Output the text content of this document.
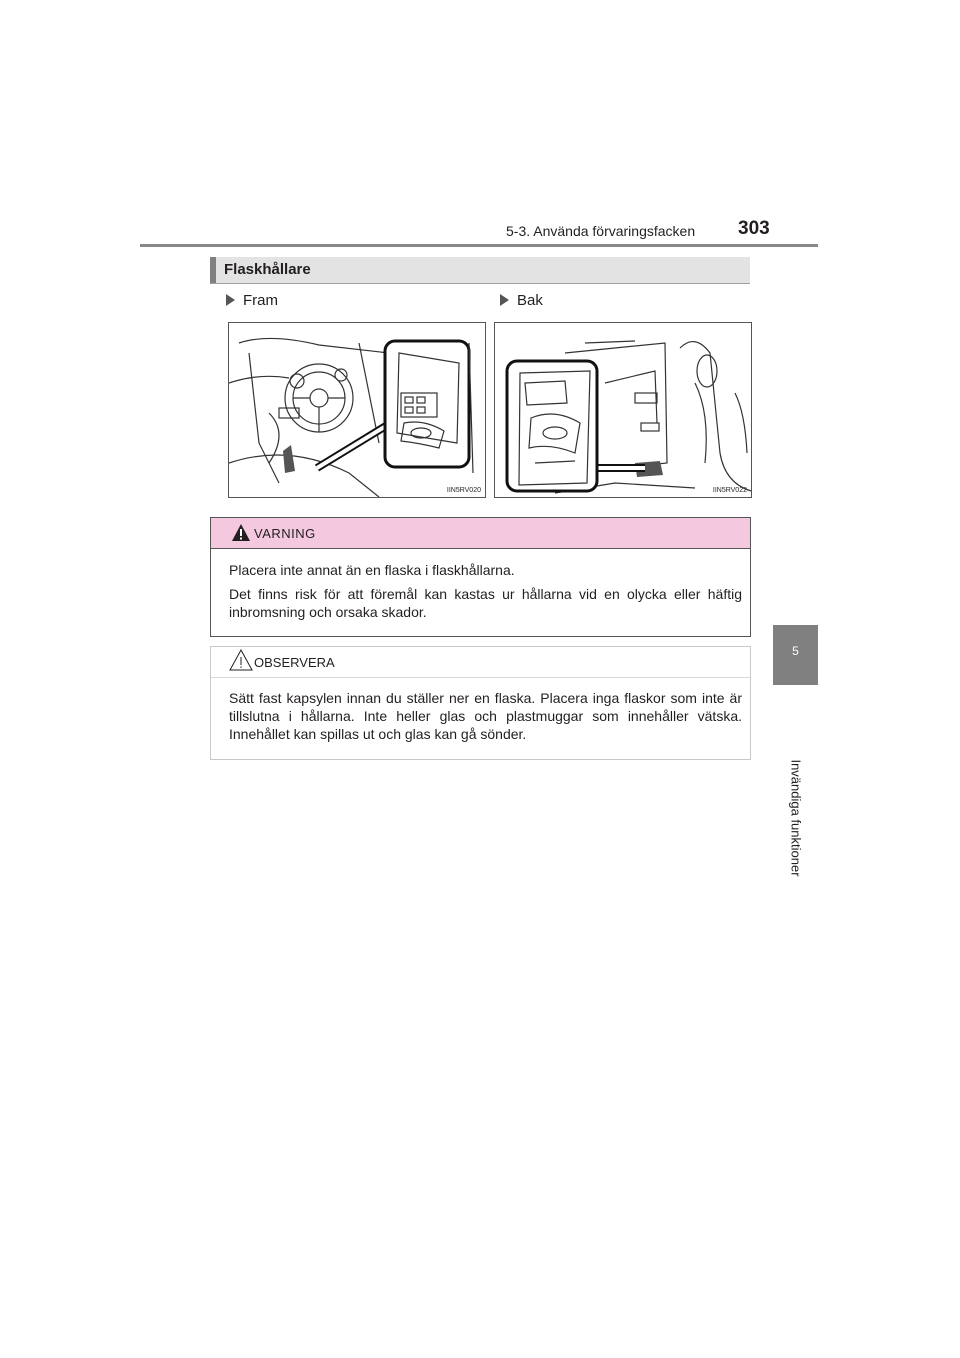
5-3. Använda förvaringsfacken 303
5
Invändiga funktioner
Flaskhållare
Fram	Bak
IIN5RV020	IIN5RV022
VARNING

Placera inte annat än en flaska i flaskhållarna.

Det finns risk för att föremål kan kastas ur hållarna vid en olycka eller häftig inbromsning och orsaka skador.

OBSERVERA
Sätt fast kapsylen innan du ställer ner en flaska. Placera inga flaskor som inte är tillslutna i hållarna. Inte heller glas och plastmuggar som innehåller vätska. Innehållet kan spillas ut och glas kan gå sönder.
